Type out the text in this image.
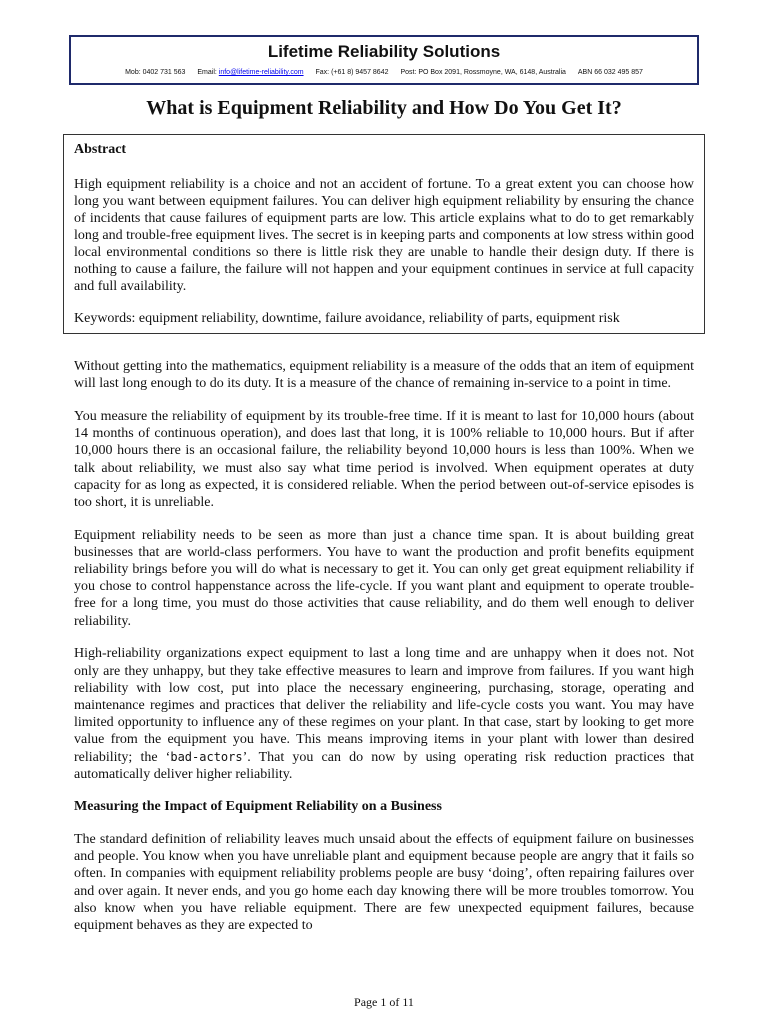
Lifetime Reliability Solutions
Mob: 0402 731 563 Email: info@lifetime-reliability.com Fax: (+61 8) 9457 8642 Post: PO Box 2091, Rossmoyne, WA, 6148, Australia ABN 66 032 495 857
What is Equipment Reliability and How Do You Get It?

Abstract

High equipment reliability is a choice and not an accident of fortune. To a great extent you can choose how long you want between equipment failures. You can deliver high equipment reliability by ensuring the chance of incidents that cause failures of equipment parts are low. This article explains what to do to get remarkably long and trouble-free equipment lives. The secret is in keeping parts and components at low stress within good local environmental conditions so there is little risk they are unable to handle their design duty. If there is nothing to cause a failure, the failure will not happen and your equipment continues in service at full capacity and full availability.

Keywords: equipment reliability, downtime, failure avoidance, reliability of parts, equipment risk

Without getting into the mathematics, equipment reliability is a measure of the odds that an item of equipment will last long enough to do its duty. It is a measure of the chance of remaining in-service to a point in time.

You measure the reliability of equipment by its trouble-free time. If it is meant to last for 10,000 hours (about 14 months of continuous operation), and does last that long, it is 100% reliable to 10,000 hours. But if after 10,000 hours there is an occasional failure, the reliability beyond 10,000 hours is less than 100%. When we talk about reliability, we must also say what time period is involved. When equipment operates at duty capacity for as long as expected, it is considered reliable. When the period between out-of-service episodes is too short, it is unreliable.

Equipment reliability needs to be seen as more than just a chance time span. It is about building great businesses that are world-class performers. You have to want the production and profit benefits equipment reliability brings before you will do what is necessary to get it. You can only get great equipment reliability if you chose to control happenstance across the life-cycle. If you want plant and equipment to operate trouble-free for a long time, you must do those activities that cause reliability, and do them well enough to deliver reliability.

High-reliability organizations expect equipment to last a long time and are unhappy when it does not. Not only are they unhappy, but they take effective measures to learn and improve from failures. If you want high reliability with low cost, put into place the necessary engineering, purchasing, storage, operating and maintenance regimes and practices that deliver the reliability and life-cycle costs you want. You may have limited opportunity to influence any of these regimes on your plant. In that case, start by looking to get more value from the equipment you have. This means improving items in your plant with lower than desired reliability; the ‘bad-actors’. That you can do now by using operating risk reduction practices that automatically deliver higher reliability.

Measuring the Impact of Equipment Reliability on a Business

The standard definition of reliability leaves much unsaid about the effects of equipment failure on businesses and people. You know when you have unreliable plant and equipment because people are angry that it fails so often. In companies with equipment reliability problems people are busy ‘doing’, often repairing failures over and over again. It never ends, and you go home each day knowing there will be more troubles tomorrow. You also know when you have reliable equipment. There are few unexpected equipment failures, because equipment behaves as they are expected to

Page 1 of 11
